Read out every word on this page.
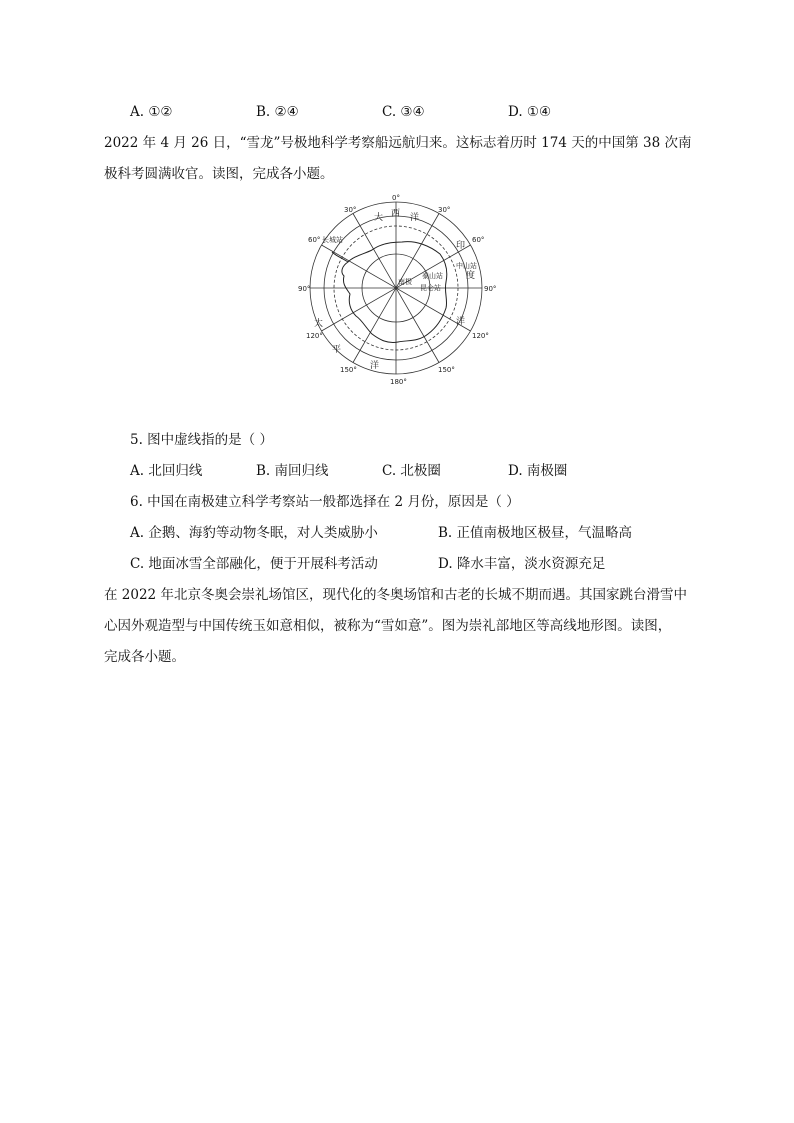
A. ①②	B. ②④	C. ③④	D. ①④
2022 年 4 月 26 日，“雪龙”号极地科学考察船远航归来。这标志着历时 174 天的中国第 38 次南
极科考圆满收官。读图，完成各小题。
大 西 洋
印
度
洋
太
平
洋
长城站
中山站
泰山站
昆仑站
南极
0°
30°
60°
90°
120°
150°
180°
150°
120°
90°
60°
30°
5. 图中虚线指的是（ ）
A. 北回归线	B. 南回归线	C. 北极圈	D. 南极圈
6. 中国在南极建立科学考察站一般都选择在 2 月份，原因是（ ）
A. 企鹅、海豹等动物冬眠，对人类威胁小	B. 正值南极地区极昼，气温略高
C. 地面冰雪全部融化，便于开展科考活动	D. 降水丰富，淡水资源充足
在 2022 年北京冬奥会崇礼场馆区，现代化的冬奥场馆和古老的长城不期而遇。其国家跳台滑雪中
心因外观造型与中国传统玉如意相似，被称为“雪如意”。图为崇礼部地区等高线地形图。读图，
完成各小题。
